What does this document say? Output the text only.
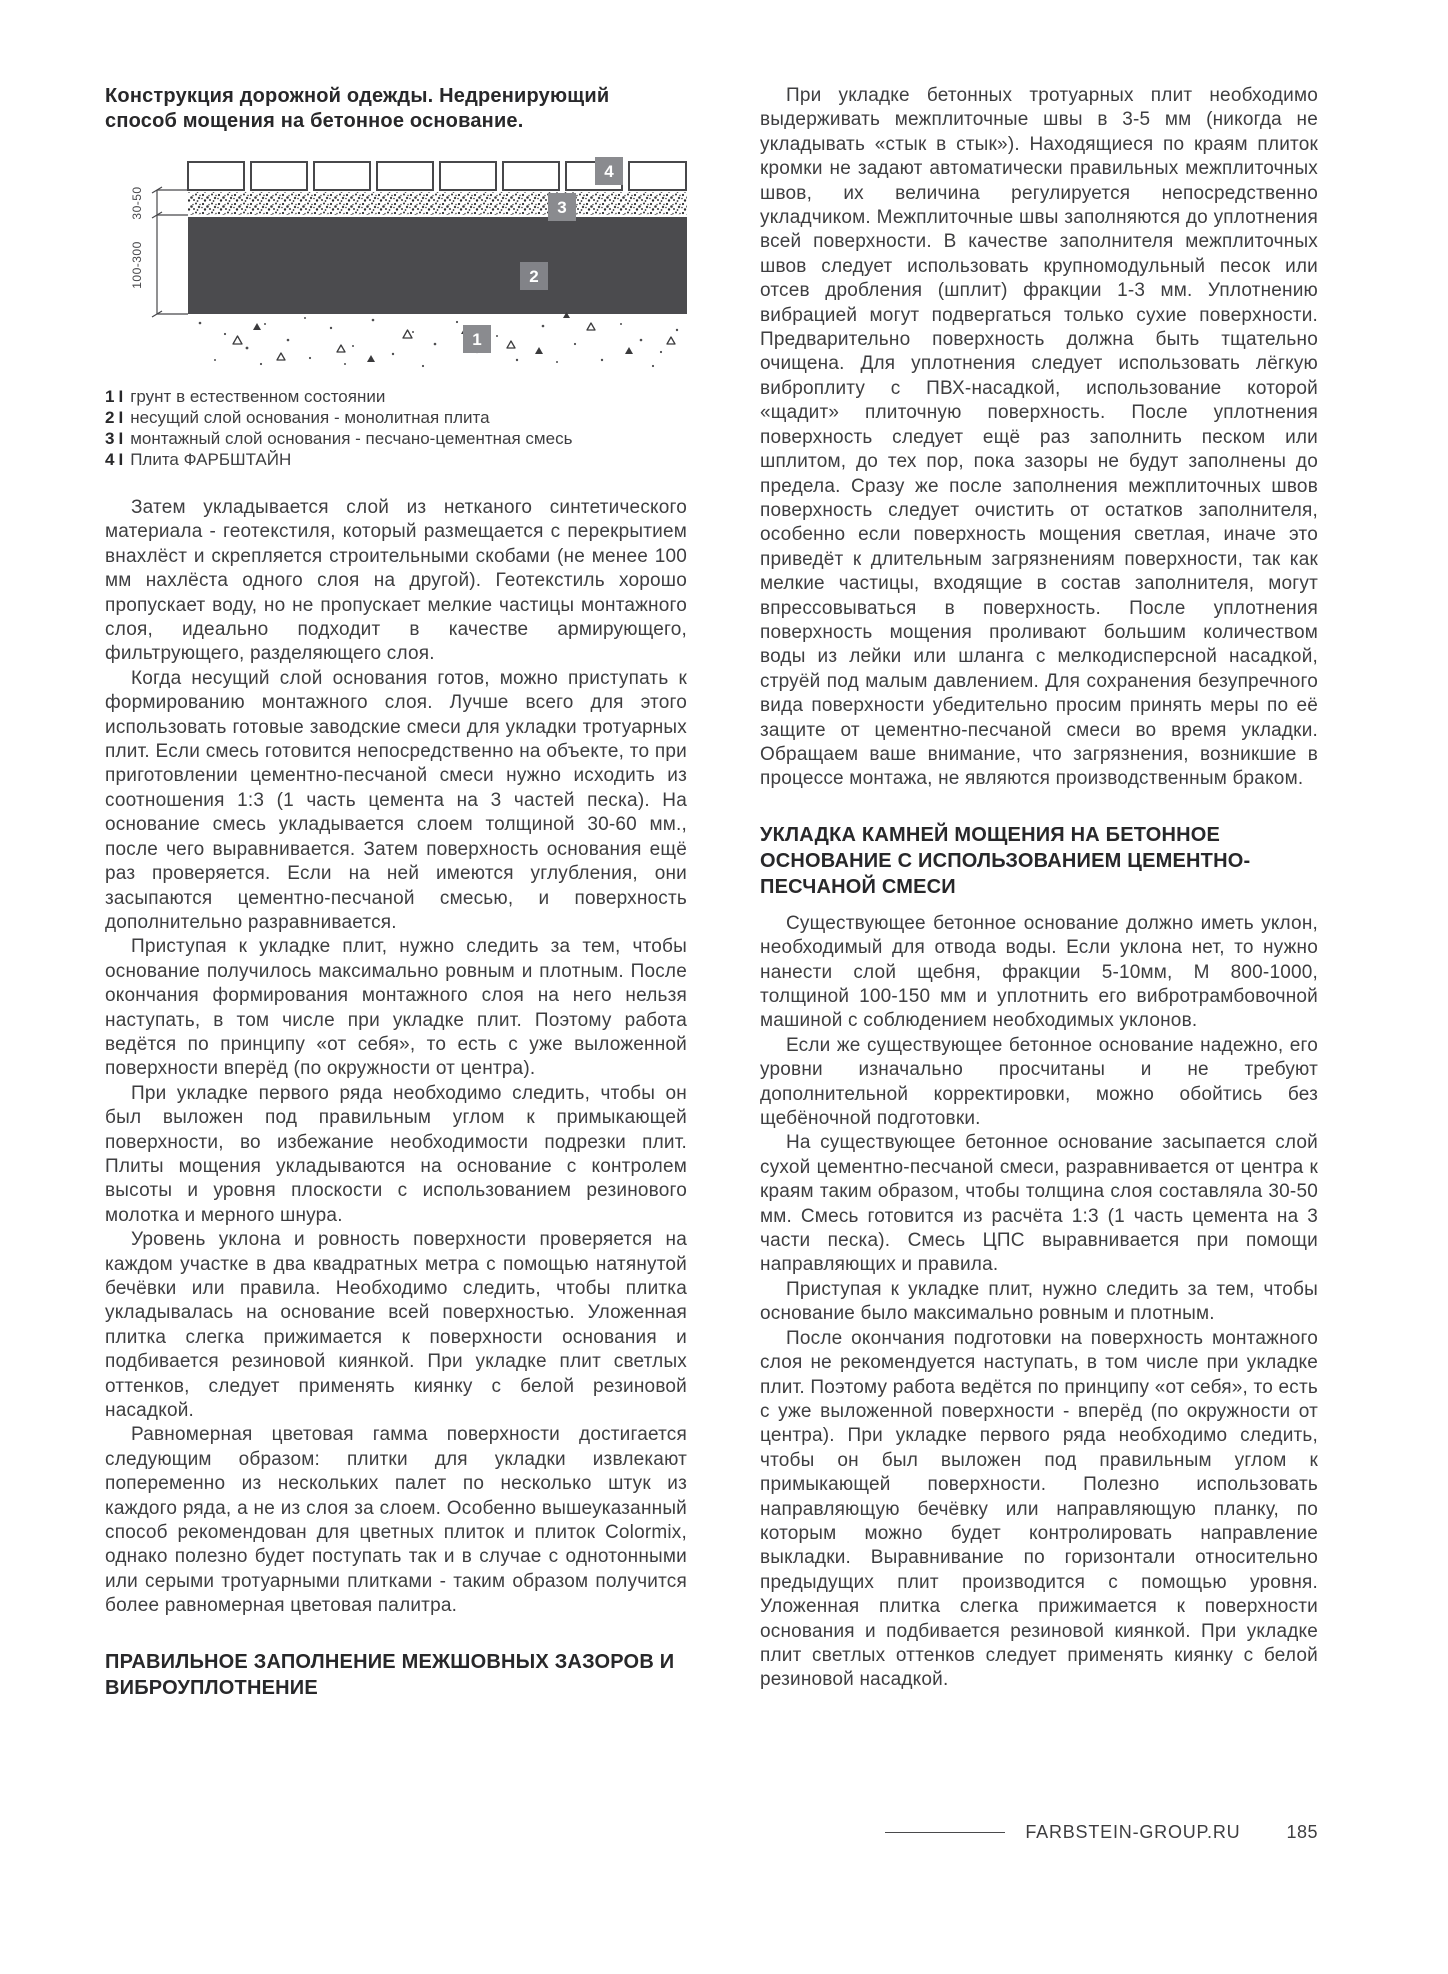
Конструкция дорожной одежды. Недренирующий способ мощения на бетонное основание.
30-50
100-300
4
3
2
1
1 I грунт в естественном состоянии
2 I несущий слой основания - монолитная плита
3 I монтажный слой основания - песчано-цементная смесь
4 I Плита ФАРБШТАЙН

Затем укладывается слой из нетканого синтетического материала - геотекстиля, который размещается с перекрытием внахлёст и скрепляется строительными скобами (не менее 100 мм нахлёста одного слоя на другой). Геотекстиль хорошо пропускает воду, но не пропускает мелкие частицы монтажного слоя, идеально подходит в качестве армирующего, фильтрующего, разделяющего слоя.

Когда несущий слой основания готов, можно приступать к формированию монтажного слоя. Лучше всего для этого использовать готовые заводские смеси для укладки тротуарных плит. Если смесь готовится непосредственно на объекте, то при приготовлении цементно-песчаной смеси нужно исходить из соотношения 1:3 (1 часть цемента на 3 частей песка). На основание смесь укладывается слоем толщиной 30-60 мм., после чего выравнивается. Затем поверхность основания ещё раз проверяется. Если на ней имеются углубления, они засыпаются цементно-песчаной смесью, и поверхность дополнительно разравнивается.

Приступая к укладке плит, нужно следить за тем, чтобы основание получилось максимально ровным и плотным. После окончания формирования монтажного слоя на него нельзя наступать, в том числе при укладке плит. Поэтому работа ведётся по принципу «от себя», то есть с уже выложенной поверхности вперёд (по окружности от центра).

При укладке первого ряда необходимо следить, чтобы он был выложен под правильным углом к примыкающей поверхности, во избежание необходимости подрезки плит. Плиты мощения укладываются на основание с контролем высоты и уровня плоскости с использованием резинового молотка и мерного шнура.

Уровень уклона и ровность поверхности проверяется на каждом участке в два квадратных метра с помощью натянутой бечёвки или правила. Необходимо следить, чтобы плитка укладывалась на основание всей поверхностью. Уложенная плитка слегка прижимается к поверхности основания и подбивается резиновой киянкой. При укладке плит светлых оттенков, следует применять киянку с белой резиновой насадкой.

Равномерная цветовая гамма поверхности достигается следующим образом: плитки для укладки извлекают попеременно из нескольких палет по несколько штук из каждого ряда, а не из слоя за слоем. Особенно вышеуказанный способ рекомендован для цветных плиток и плиток Colormix, однако полезно будет поступать так и в случае с однотонными или серыми тротуарными плитками - таким образом получится более равномерная цветовая палитра.

ПРАВИЛЬНОЕ ЗАПОЛНЕНИЕ МЕЖШОВНЫХ ЗАЗОРОВ И ВИБРОУПЛОТНЕНИЕ

При укладке бетонных тротуарных плит необходимо выдерживать межплиточные швы в 3-5 мм (никогда не укладывать «стык в стык»). Находящиеся по краям плиток кромки не задают автоматически правильных межплиточных швов, их величина регулируется непосредственно укладчиком. Межплиточные швы заполняются до уплотнения всей поверхности. В качестве заполнителя межплиточных швов следует использовать крупномодульный песок или отсев дробления (шплит) фракции 1-3 мм. Уплотнению вибрацией могут подвергаться только сухие поверхности. Предварительно поверхность должна быть тщательно очищена. Для уплотнения следует использовать лёгкую виброплиту с ПВХ-насадкой, использование которой «щадит» плиточную поверхность. После уплотнения поверхность следует ещё раз заполнить песком или шплитом, до тех пор, пока зазоры не будут заполнены до предела. Сразу же после заполнения межплиточных швов поверхность следует очистить от остатков заполнителя, особенно если поверхность мощения светлая, иначе это приведёт к длительным загрязнениям поверхности, так как мелкие частицы, входящие в состав заполнителя, могут впрессовываться в поверхность. После уплотнения поверхность мощения проливают большим количеством воды из лейки или шланга с мелкодисперсной насадкой, струёй под малым давлением. Для сохранения безупречного вида поверхности убедительно просим принять меры по её защите от цементно-песчаной смеси во время укладки. Обращаем ваше внимание, что загрязнения, возникшие в процессе монтажа, не являются производственным браком.

УКЛАДКА КАМНЕЙ МОЩЕНИЯ НА БЕТОННОЕ ОСНОВАНИЕ С ИСПОЛЬЗОВАНИЕМ ЦЕМЕНТНО-ПЕСЧАНОЙ СМЕСИ

Существующее бетонное основание должно иметь уклон, необходимый для отвода воды. Если уклона нет, то нужно нанести слой щебня, фракции 5-10мм, М 800-1000, толщиной 100-150 мм и уплотнить его вибротрамбовочной машиной с соблюдением необходимых уклонов.

Если же существующее бетонное основание надежно, его уровни изначально просчитаны и не требуют дополнительной корректировки, можно обойтись без щебёночной подготовки.

На существующее бетонное основание засыпается слой сухой цементно-песчаной смеси, разравнивается от центра к краям таким образом, чтобы толщина слоя составляла 30-50 мм. Смесь готовится из расчёта 1:3 (1 часть цемента на 3 части песка). Смесь ЦПС выравнивается при помощи направляющих и правила.

Приступая к укладке плит, нужно следить за тем, чтобы основание было максимально ровным и плотным.

После окончания подготовки на поверхность монтажного слоя не рекомендуется наступать, в том числе при укладке плит. Поэтому работа ведётся по принципу «от себя», то есть с уже выложенной поверхности - вперёд (по окружности от центра). При укладке первого ряда необходимо следить, чтобы он был выложен под правильным углом к примыкающей поверхности. Полезно использовать направляющую бечёвку или направляющую планку, по которым можно будет контролировать направление выкладки. Выравнивание по горизонтали относительно предыдущих плит производится с помощью уровня. Уложенная плитка слегка прижимается к поверхности основания и подбивается резиновой киянкой. При укладке плит светлых оттенков следует применять киянку с белой резиновой насадкой.

FARBSTEIN-GROUP.RU	185
